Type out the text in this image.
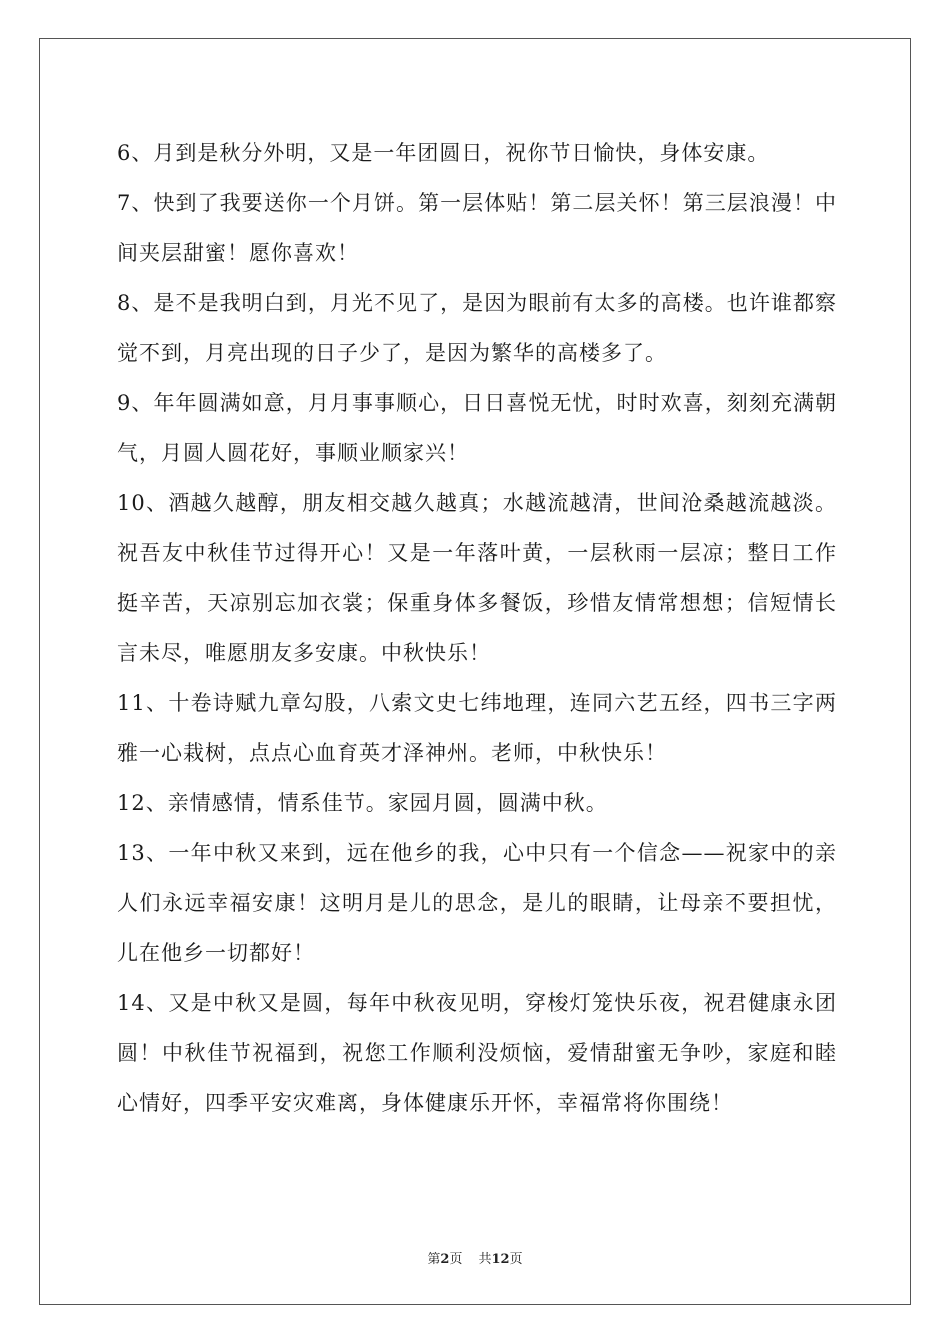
6、月到是秋分外明，又是一年团圆日，祝你节日愉快，身体安康。

7、快到了我要送你一个月饼。第一层体贴！第二层关怀！第三层浪漫！中间夹层甜蜜！愿你喜欢！

8、是不是我明白到，月光不见了，是因为眼前有太多的高楼。也许谁都察觉不到，月亮出现的日子少了，是因为繁华的高楼多了。

9、年年圆满如意，月月事事顺心，日日喜悦无忧，时时欢喜，刻刻充满朝气，月圆人圆花好，事顺业顺家兴！

10、酒越久越醇，朋友相交越久越真；水越流越清，世间沧桑越流越淡。祝吾友中秋佳节过得开心！又是一年落叶黄，一层秋雨一层凉；整日工作挺辛苦，天凉别忘加衣裳；保重身体多餐饭，珍惜友情常想想；信短情长言未尽，唯愿朋友多安康。中秋快乐！

11、十卷诗赋九章勾股，八索文史七纬地理，连同六艺五经，四书三字两雅一心栽树，点点心血育英才泽神州。老师，中秋快乐！

12、亲情感情，情系佳节。家园月圆，圆满中秋。

13、一年中秋又来到，远在他乡的我，心中只有一个信念——祝家中的亲人们永远幸福安康！这明月是儿的思念，是儿的眼睛，让母亲不要担忧，儿在他乡一切都好！

14、又是中秋又是圆，每年中秋夜见明，穿梭灯笼快乐夜，祝君健康永团圆！中秋佳节祝福到，祝您工作顺利没烦恼，爱情甜蜜无争吵，家庭和睦心情好，四季平安灾难离，身体健康乐开怀，幸福常将你围绕！

第2页 共12页
